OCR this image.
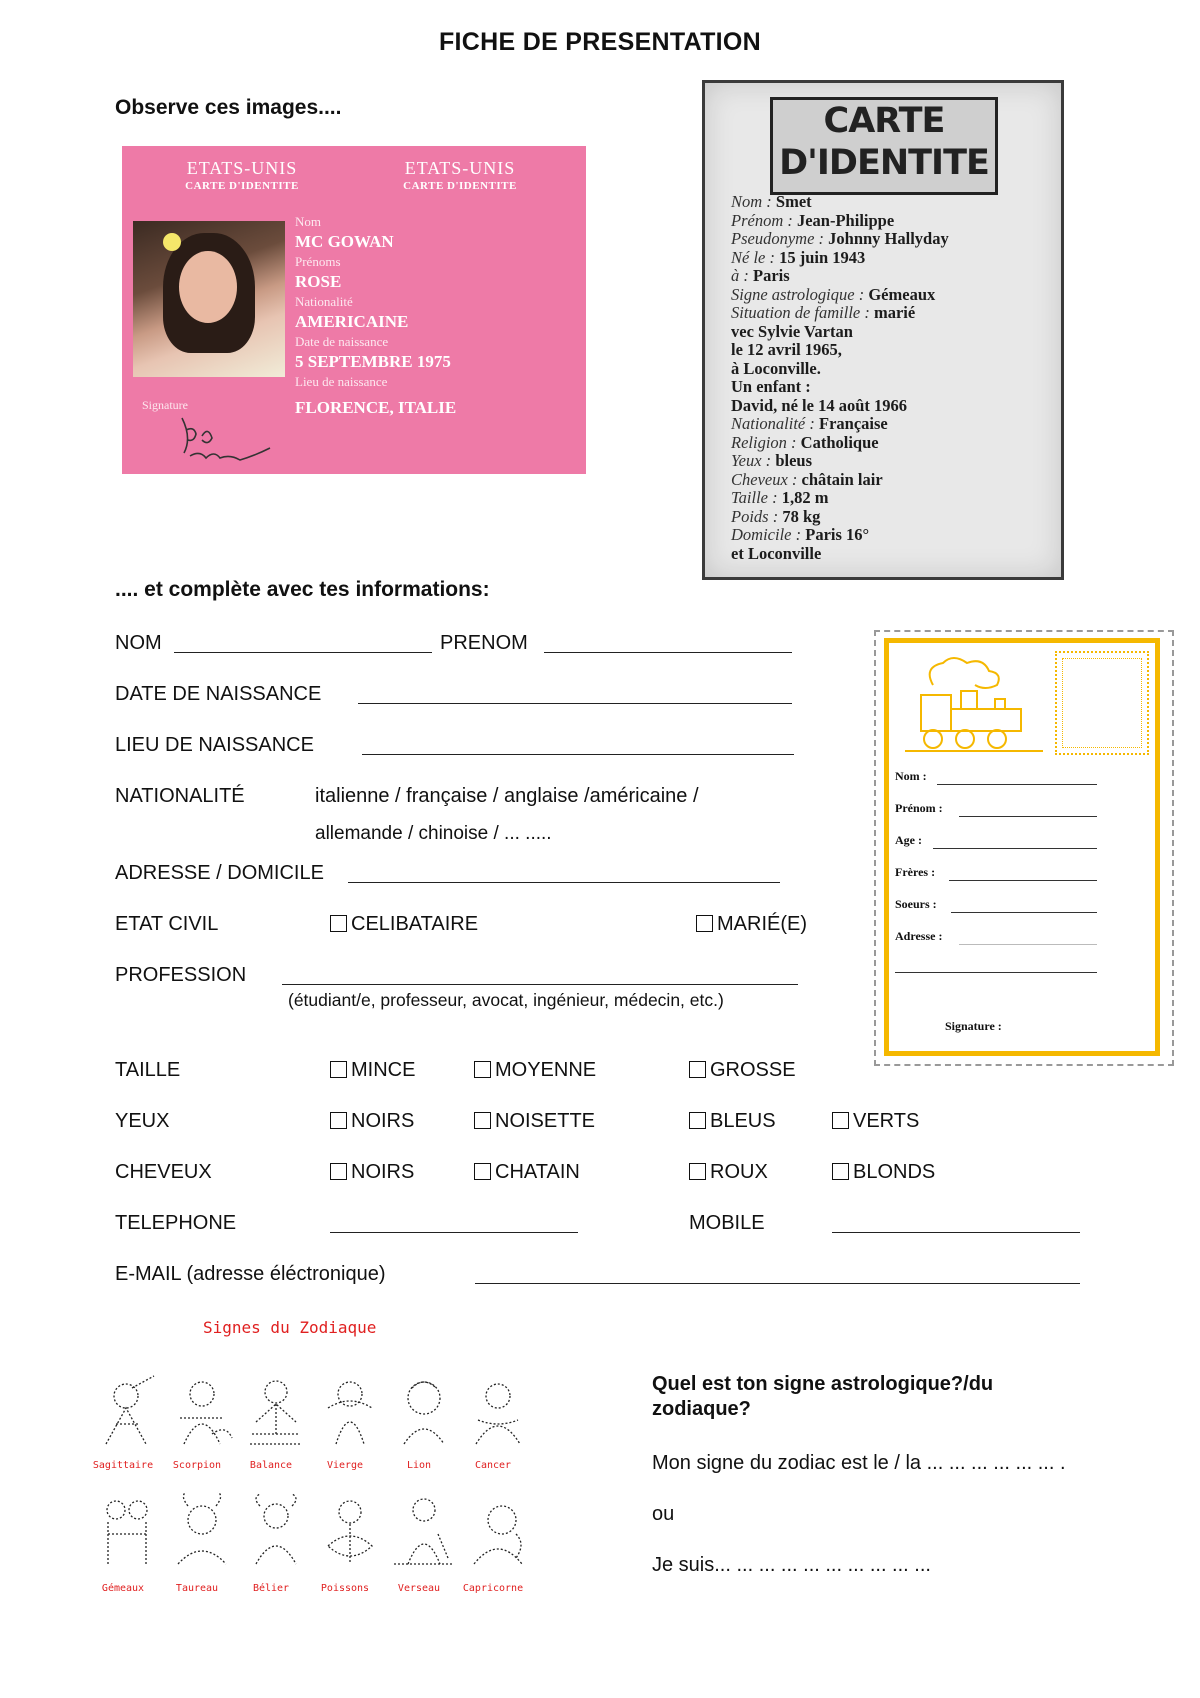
FICHE DE PRESENTATION
Observe ces images....
ETATS-UNIS
CARTE D'IDENTITE
ETATS-UNIS
CARTE D'IDENTITE
Nom
MC GOWAN
Prénoms
ROSE
Nationalité
AMERICAINE
Date de naissance
5 SEPTEMBRE 1975
Lieu de naissance
FLORENCE, ITALIE
Signature
CARTE
D'IDENTITE
Nom : Smet
Prénom : Jean-Philippe
Pseudonyme : Johnny Hallyday
Né le : 15 juin 1943
à : Paris
Signe astrologique : Gémeaux
Situation de famille : marié
vec Sylvie Vartan
le 12 avril 1965,
à Loconville.
Un enfant :
David, né le 14 août 1966
Nationalité : Française
Religion : Catholique
Yeux : bleus
Cheveux : châtain lair
Taille : 1,82 m
Poids : 78 kg
Domicile : Paris 16°
et Loconville
.... et complète avec tes informations:
NOM	PRENOM
DATE DE NAISSANCE
LIEU DE NAISSANCE
NATIONALITÉ	italienne / française / anglaise /américaine /
allemande / chinoise / ... .....
ADRESSE / DOMICILE
ETAT CIVIL	CELIBATAIRE	MARIÉ(E)
PROFESSION
(étudiant/e, professeur, avocat, ingénieur, médecin, etc.)
TAILLE	MINCE	MOYENNE	GROSSE
YEUX	NOIRS	NOISETTE	BLEUS	VERTS
CHEVEUX	NOIRS	CHATAIN	ROUX	BLONDS
TELEPHONE	MOBILE
E-MAIL (adresse éléctronique)
Nom :
Prénom :
Age :
Frères :
Soeurs :
Adresse :
Signature :
Signes du Zodiaque
Sagittaire	Scorpion	Balance	Vierge	Lion	Cancer
Gémeaux	Taureau	Bélier	Poissons	Verseau	Capricorne
Quel est ton signe astrologique?/du zodiaque?
Mon signe du zodiac est le / la ... ... ... ... ... ... .
ou
Je suis... ... ... ... ... ... ... ... ... ...
